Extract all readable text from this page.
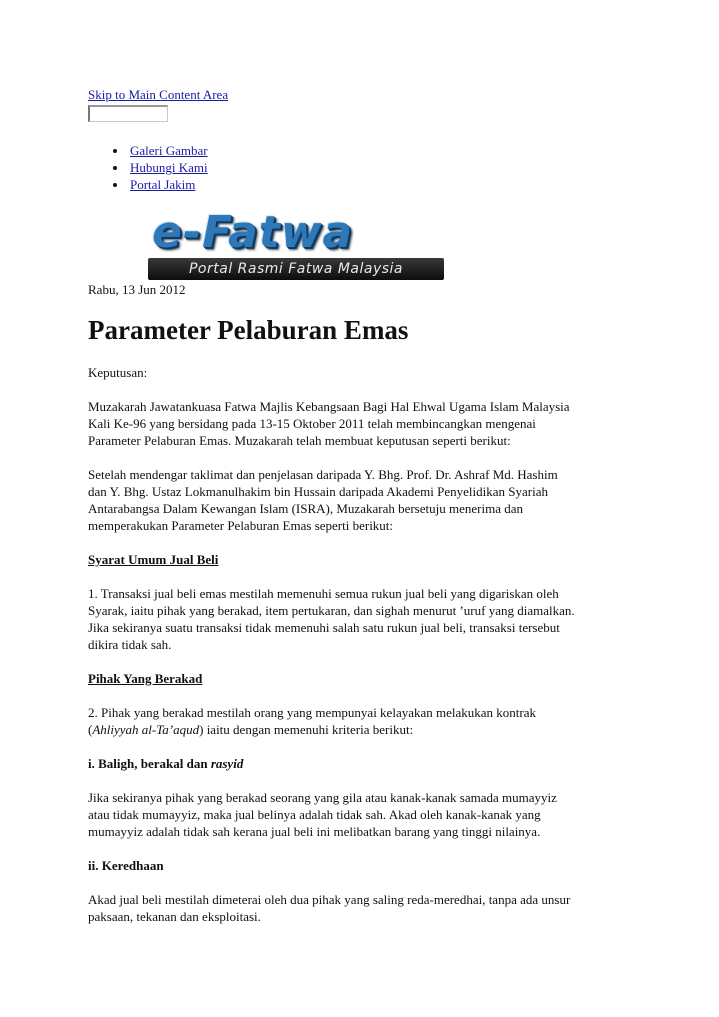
Skip to Main Content Area
Galeri Gambar
Hubungi Kami
Portal Jakim
e-Fatwa
Portal Rasmi Fatwa Malaysia
Rabu, 13 Jun 2012
Parameter Pelaburan Emas

Keputusan:

Muzakarah Jawatankuasa Fatwa Majlis Kebangsaan Bagi Hal Ehwal Ugama Islam Malaysia
Kali Ke-96 yang bersidang pada 13-15 Oktober 2011 telah membincangkan mengenai
Parameter Pelaburan Emas. Muzakarah telah membuat keputusan seperti berikut:

Setelah mendengar taklimat dan penjelasan daripada Y. Bhg. Prof. Dr. Ashraf Md. Hashim
dan Y. Bhg. Ustaz Lokmanulhakim bin Hussain daripada Akademi Penyelidikan Syariah
Antarabangsa Dalam Kewangan Islam (ISRA), Muzakarah bersetuju menerima dan
memperakukan Parameter Pelaburan Emas seperti berikut:

Syarat Umum Jual Beli

1. Transaksi jual beli emas mestilah memenuhi semua rukun jual beli yang digariskan oleh
Syarak, iaitu pihak yang berakad, item pertukaran, dan sighah menurut ’uruf yang diamalkan.
Jika sekiranya suatu transaksi tidak memenuhi salah satu rukun jual beli, transaksi tersebut
dikira tidak sah.

Pihak Yang Berakad

2. Pihak yang berakad mestilah orang yang mempunyai kelayakan melakukan kontrak
(Ahliyyah al-Ta’aqud) iaitu dengan memenuhi kriteria berikut:

i. Baligh, berakal dan rasyid

Jika sekiranya pihak yang berakad seorang yang gila atau kanak-kanak samada mumayyiz
atau tidak mumayyiz, maka jual belinya adalah tidak sah. Akad oleh kanak-kanak yang
mumayyiz adalah tidak sah kerana jual beli ini melibatkan barang yang tinggi nilainya.

ii. Keredhaan

Akad jual beli mestilah dimeterai oleh dua pihak yang saling reda-meredhai, tanpa ada unsur
paksaan, tekanan dan eksploitasi.
